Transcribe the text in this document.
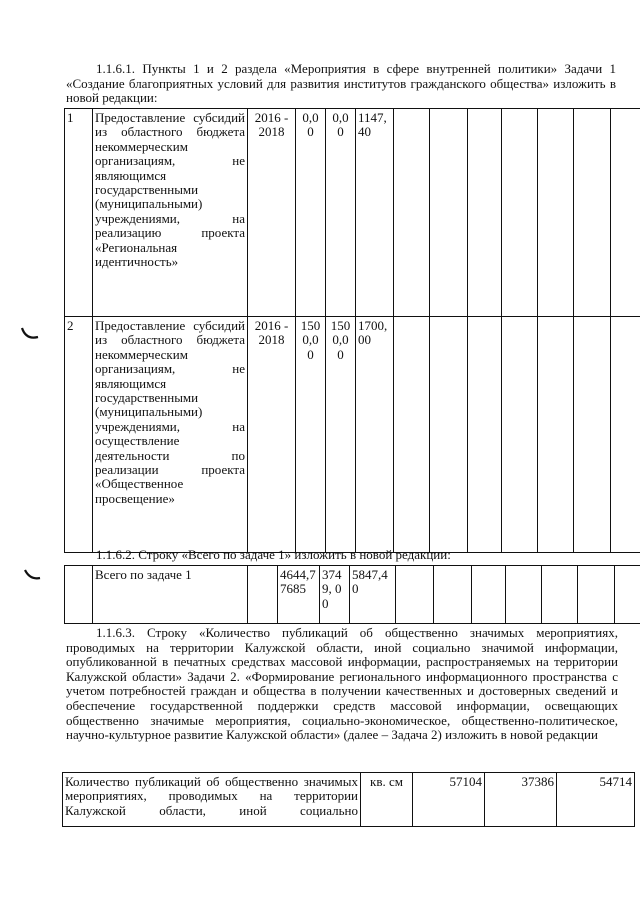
1.1.6.1. Пункты 1 и 2 раздела «Мероприятия в сфере внутренней политики» Задачи 1 «Создание благоприятных условий для развития институтов гражданского общества» изложить в новой редакции:

1	Предоставление субсидий из областного бюджета некоммерческим организациям, не являющимся государственными (муниципальными) учреждениями, на реализацию проекта «Региональная идентичность»	2016 - 2018	0,0 0	0,0 0	1147, 40							
2	Предоставление субсидий из областного бюджета некоммерческим организациям, не являющимся государственными (муниципальными) учреждениями, на осуществление деятельности по реализации проекта «Общественное просвещение»	2016 - 2018	150 0,0 0	150 0,0 0	1700, 00							

1.1.6.2. Строку «Всего по задаче 1» изложить в новой редакции:

	Всего по задаче 1		4644,7 7685	3749, 00	5847,40							

1.1.6.3. Строку «Количество публикаций об общественно значимых мероприятиях, проводимых на территории Калужской области, иной социально значимой информации, опубликованной в печатных средствах массовой информации, распространяемых на территории Калужской области» Задачи 2. «Формирование регионального информационного пространства с учетом потребностей граждан и общества в получении качественных и достоверных сведений и обеспечение государственной поддержки средств массовой информации, освещающих общественно значимые мероприятия, социально-экономическое, общественно-политическое, научно-культурное развитие Калужской области» (далее – Задача 2) изложить в новой редакции

Количество публикаций об общественно значимых мероприятиях, проводимых на территории Калужской области, иной социально	кв. см	57104	37386	54714
